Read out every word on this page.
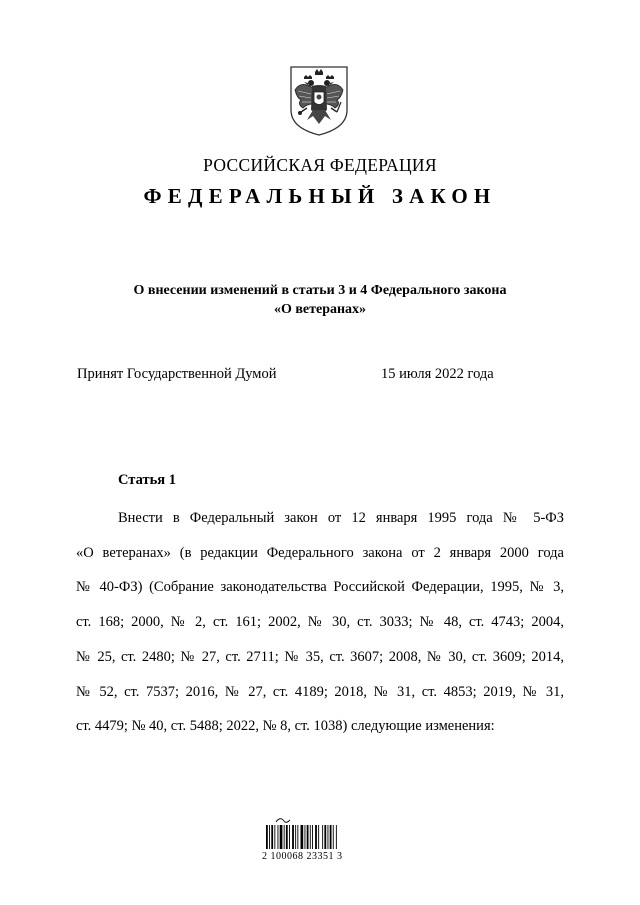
РОССИЙСКАЯ ФЕДЕРАЦИЯ
ФЕДЕРАЛЬНЫЙ ЗАКОН
О внесении изменений в статьи 3 и 4 Федерального закона
«О ветеранах»
Принят Государственной Думой	15 июля 2022 года
Статья 1
Внести в Федеральный закон от 12 января 1995 года № 5-ФЗ
«О ветеранах» (в редакции Федерального закона от 2 января 2000 года
№ 40-ФЗ) (Собрание законодательства Российской Федерации, 1995, № 3,
ст. 168; 2000, № 2, ст. 161; 2002, № 30, ст. 3033; № 48, ст. 4743; 2004,
№ 25, ст. 2480; № 27, ст. 2711; № 35, ст. 3607; 2008, № 30, ст. 3609; 2014,
№ 52, ст. 7537; 2016, № 27, ст. 4189; 2018, № 31, ст. 4853; 2019, № 31,
ст. 4479; № 40, ст. 5488; 2022, № 8, ст. 1038) следующие изменения:
2 100068 23351 3
